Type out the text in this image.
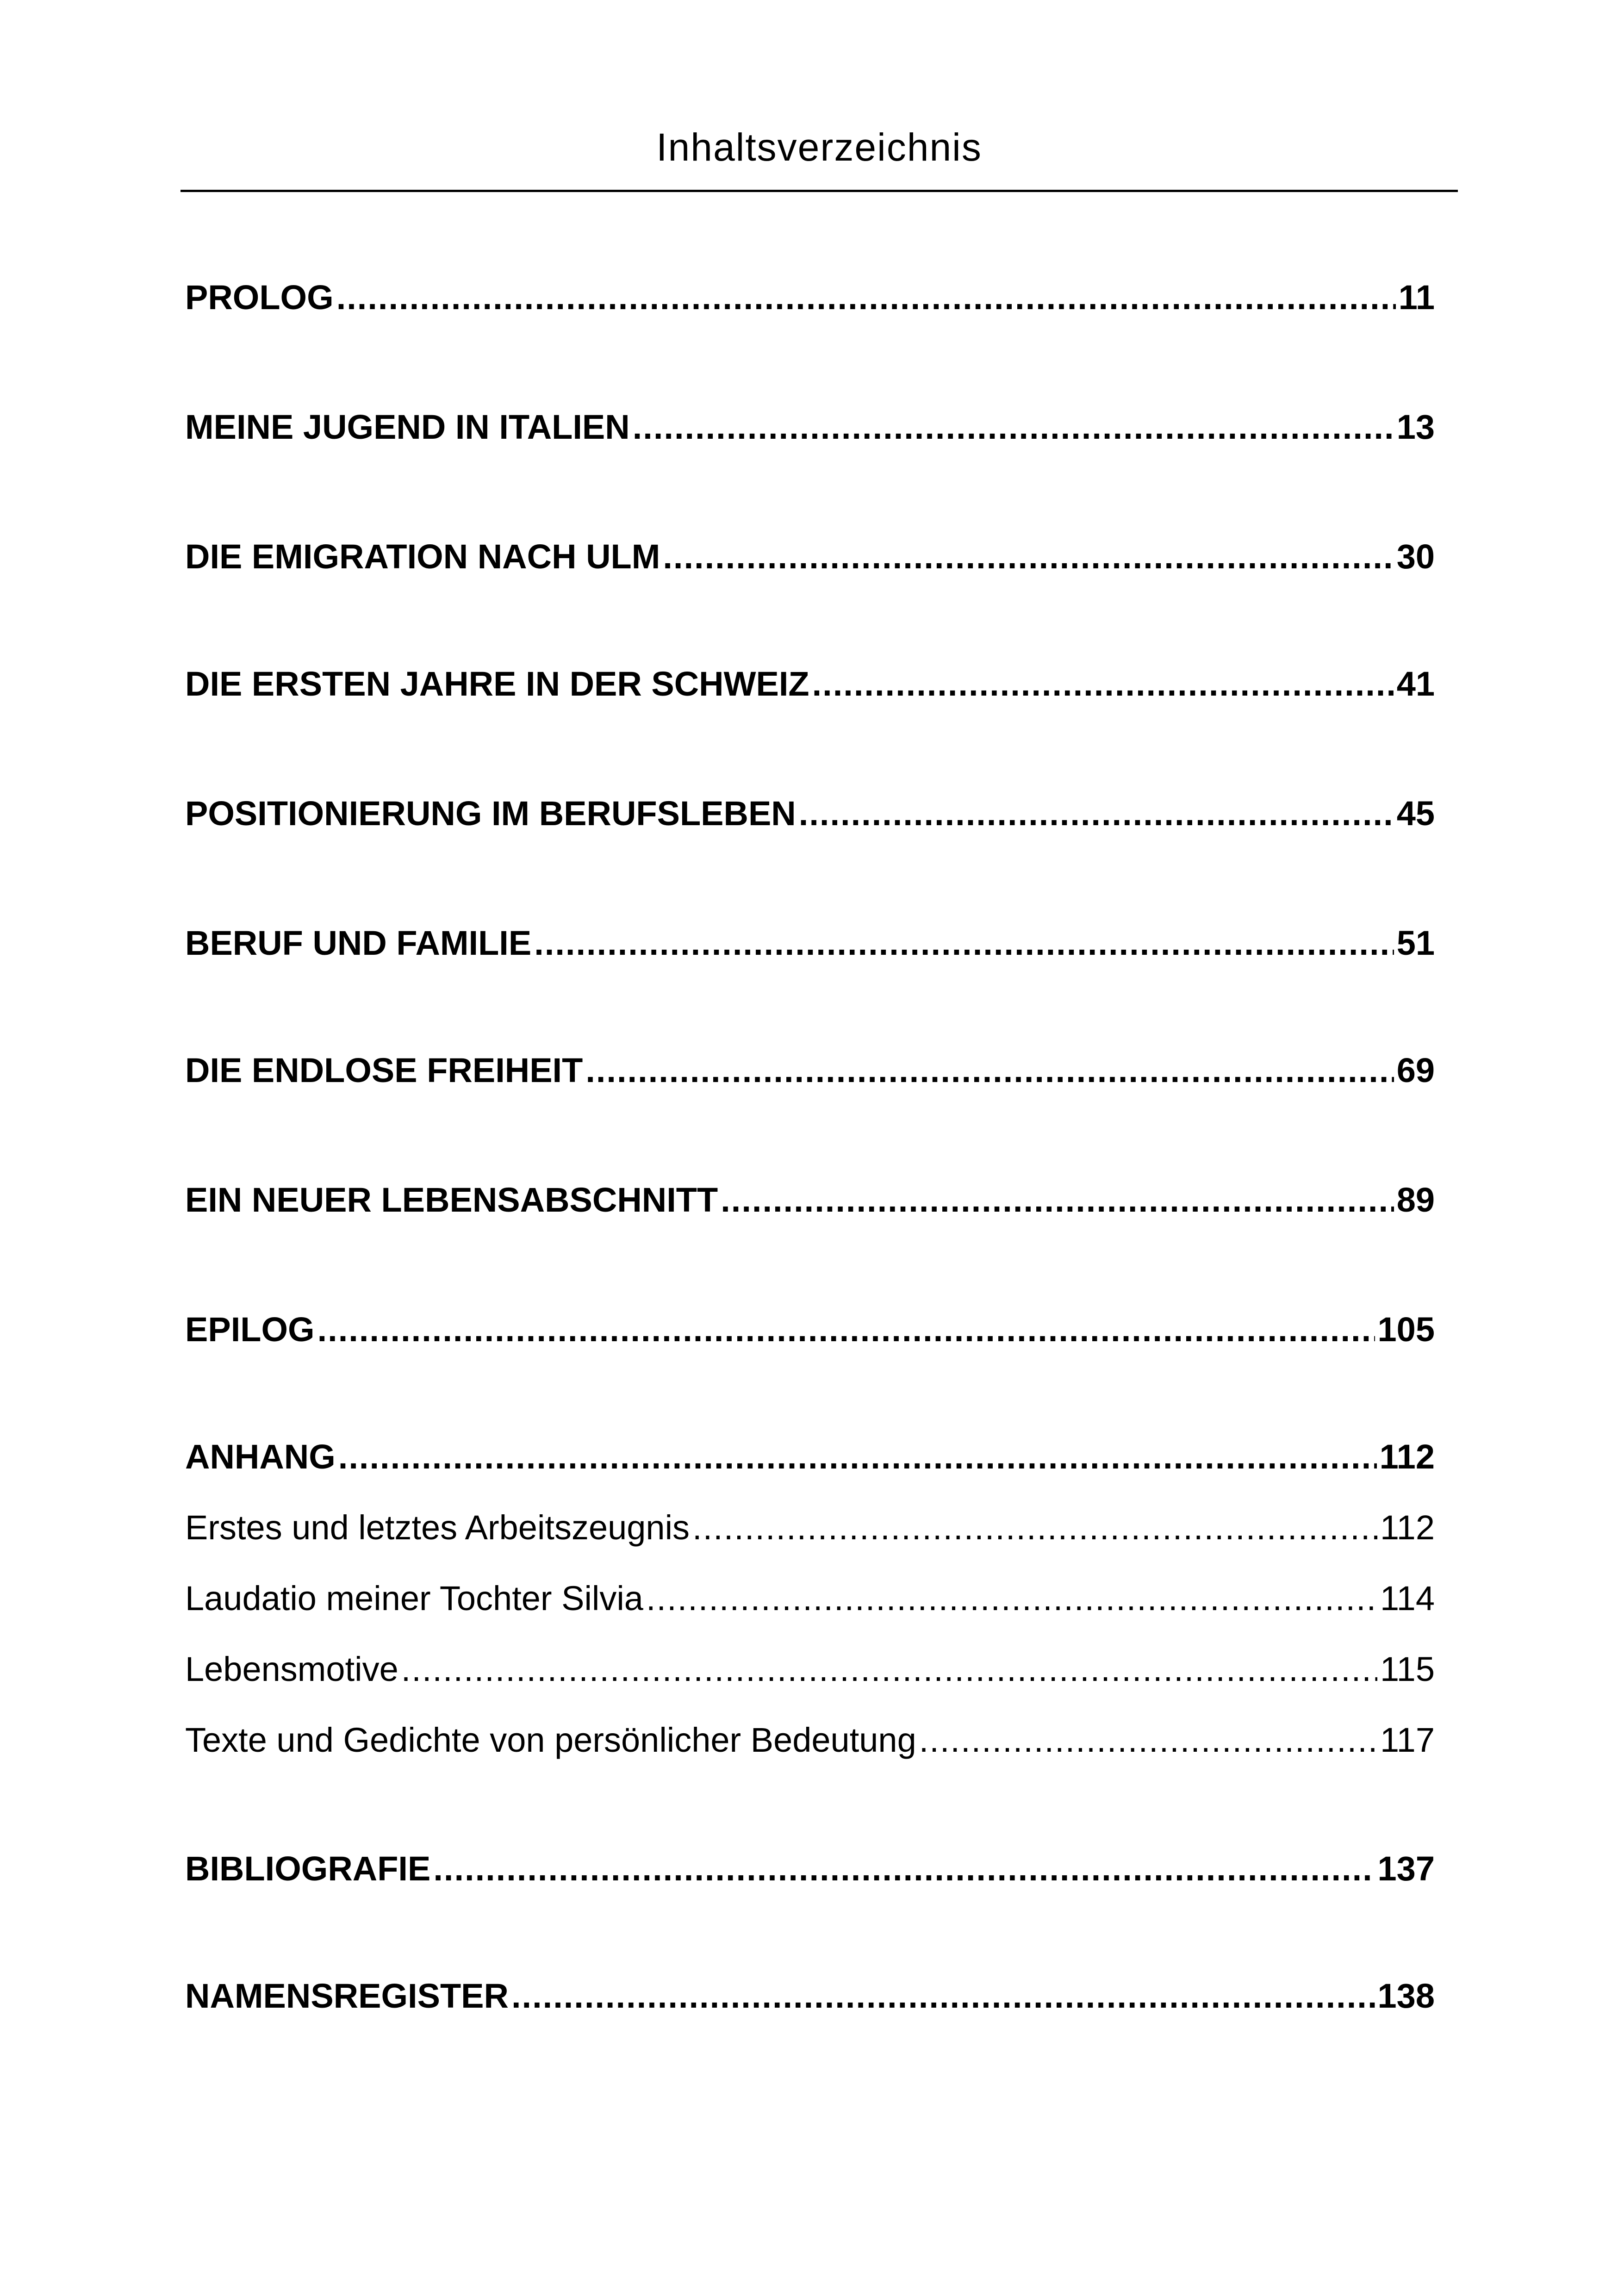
Inhaltsverzeichnis
PROLOG .....	11
MEINE JUGEND IN ITALIEN .....	13
DIE EMIGRATION NACH ULM .....	30
DIE ERSTEN JAHRE IN DER SCHWEIZ .....	41
POSITIONIERUNG IM BERUFSLEBEN .....	45
BERUF UND FAMILIE .....	51
DIE ENDLOSE FREIHEIT .....	69
EIN NEUER LEBENSABSCHNITT .....	89
EPILOG .....	105
ANHANG .....	112
Erstes und letztes Arbeitszeugnis .....	112
Laudatio meiner Tochter Silvia .....	114
Lebensmotive .....	115
Texte und Gedichte von persönlicher Bedeutung .....	117
BIBLIOGRAFIE .....	137
NAMENSREGISTER .....	138
